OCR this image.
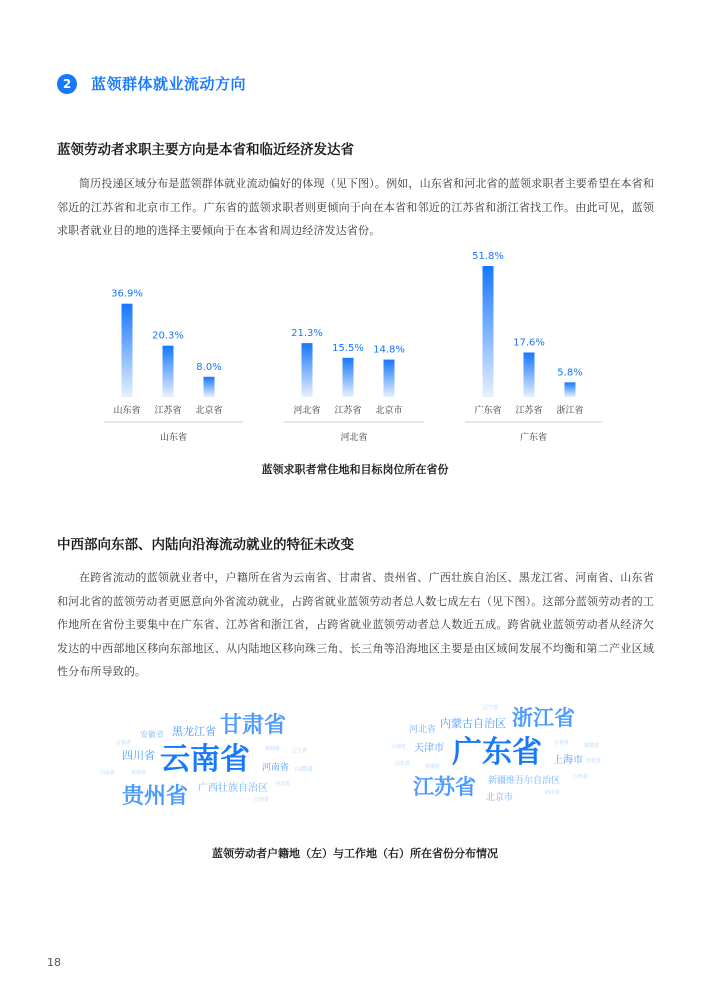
2	蓝领群体就业流动方向
蓝领劳动者求职主要方向是本省和临近经济发达省
简历投递区域分布是蓝领群体就业流动偏好的体现（见下图）。例如，山东省和河北省的蓝领求职者主要希望在本省和邻近的江苏省和北京市工作。广东省的蓝领求职者则更倾向于向在本省和邻近的江苏省和浙江省找工作。由此可见，蓝领求职者就业目的地的选择主要倾向于在本省和周边经济发达省份。
36.9%
山东省
20.3%
江苏省
8.0%
北京省
山东省
21.3%
河北省
15.5%
江苏省
14.8%
北京市
河北省
51.8%
广东省
17.6%
江苏省
5.8%
浙江省
广东省
蓝领求职者常住地和目标岗位所在省份
中西部向东部、内陆向沿海流动就业的特征未改变
在跨省流动的蓝领就业者中，户籍所在省为云南省、甘肃省、贵州省、广西壮族自治区、黑龙江省、河南省、山东省和河北省的蓝领劳动者更愿意向外省流动就业，占跨省就业蓝领劳动者总人数七成左右（见下图）。这部分蓝领劳动者的工作地所在省份主要集中在广东省、江苏省和浙江省，占跨省就业蓝领劳动者总人数近五成。跨省就业蓝领劳动者从经济欠发达的中西部地区移向东部地区、从内陆地区移向珠三角、长三角等沿海地区主要是由区域间发展不均衡和第二产业区域性分布所导致的。
云南省
甘肃省
贵州省
黑龙江省
四川省
河南省
广西壮族自治区
安徽省
吉林省
山东省	青海省
陕西省 辽宁省
山西省
河北省
江西省
广东省
浙江省
江苏省
内蒙古自治区
天津市
河北省
上海市
新疆维吾尔自治区
北京市
辽宁省
吉林省
山东省	青海省
云南省	福建省
河北省
江西省
四川省
蓝领劳动者户籍地（左）与工作地（右）所在省份分布情况
18
